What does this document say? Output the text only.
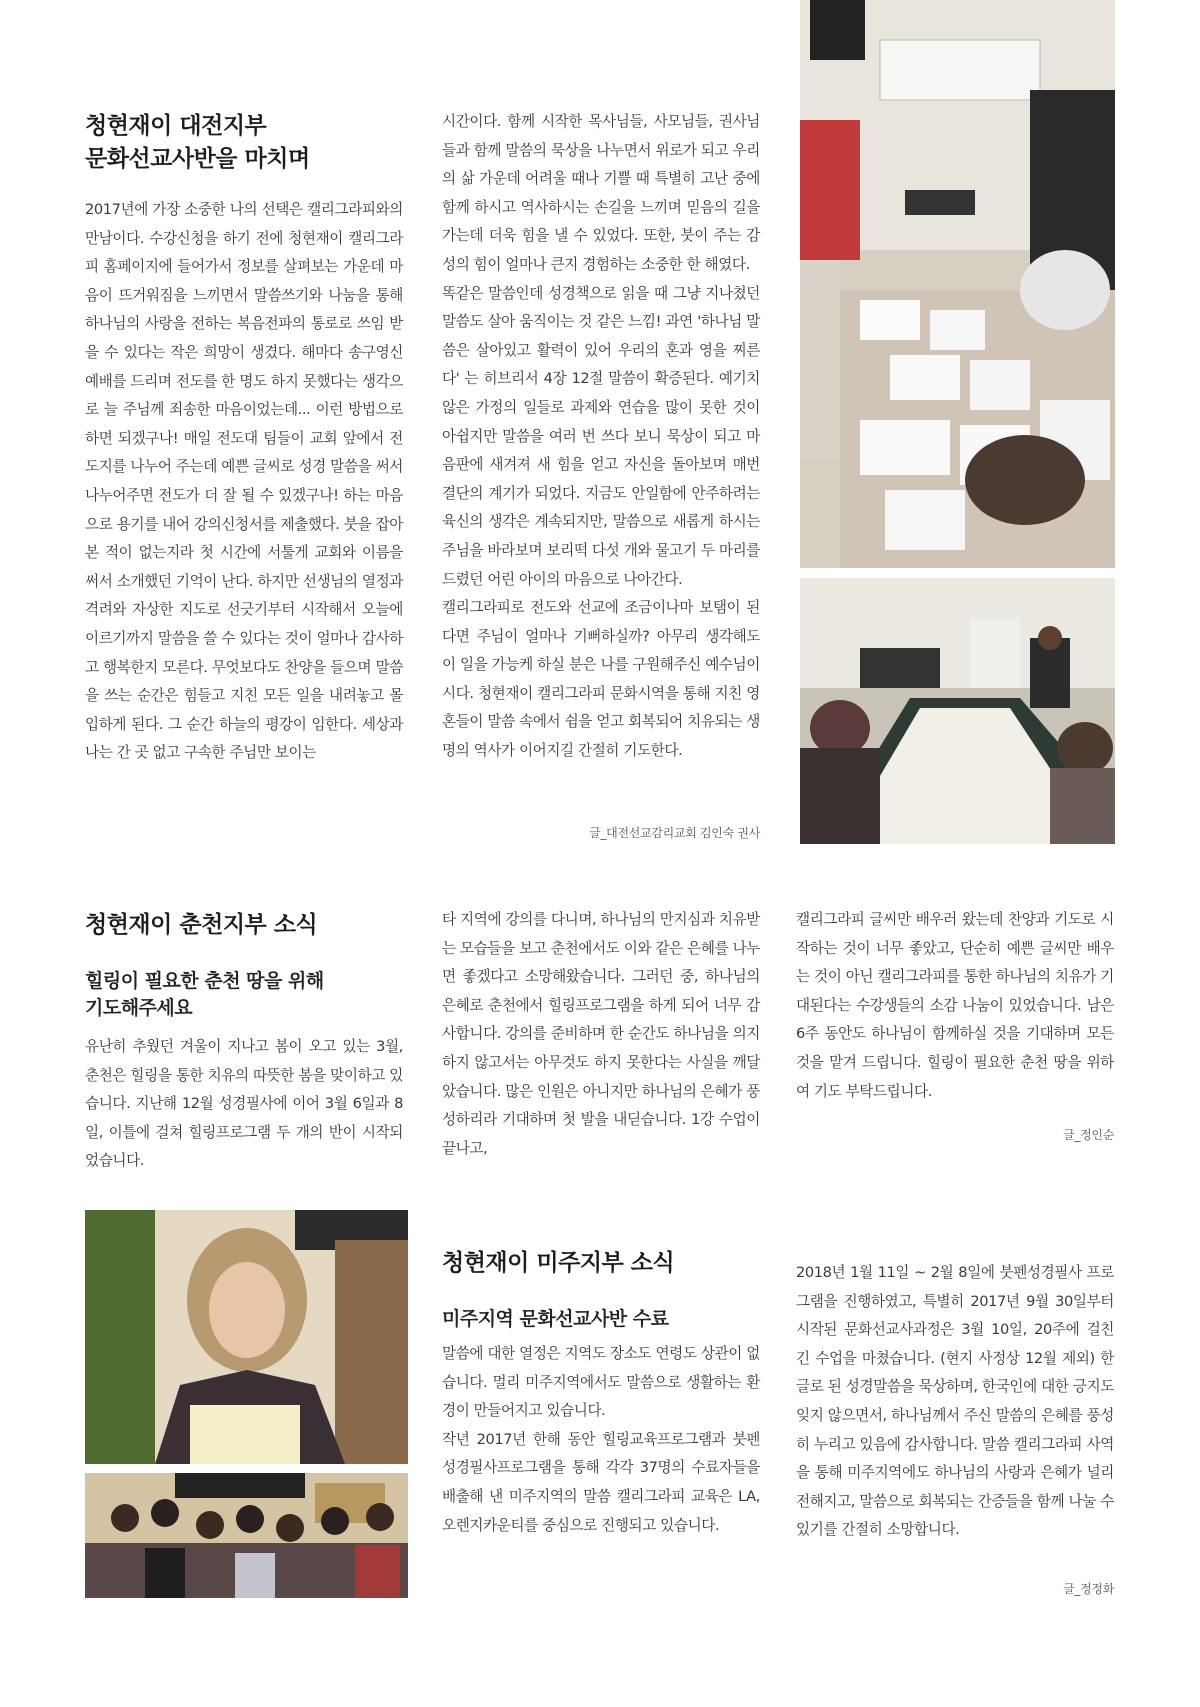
청현재이 대전지부
문화선교사반을 마치며

2017년에 가장 소중한 나의 선택은 캘리그라피와의 만남이다. 수강신청을 하기 전에 청현재이 캘리그라피 홈페이지에 들어가서 정보를 살펴보는 가운데 마음이 뜨거워짐을 느끼면서 말씀쓰기와 나눔을 통해 하나님의 사랑을 전하는 복음전파의 통로로 쓰임 받을 수 있다는 작은 희망이 생겼다. 해마다 송구영신 예배를 드리며 전도를 한 명도 하지 못했다는 생각으로 늘 주님께 죄송한 마음이었는데... 이런 방법으로 하면 되겠구나! 매일 전도대 팀들이 교회 앞에서 전도지를 나누어 주는데 예쁜 글씨로 성경 말씀을 써서 나누어주면 전도가 더 잘 될 수 있겠구나! 하는 마음으로 용기를 내어 강의신청서를 제출했다. 붓을 잡아본 적이 없는지라 첫 시간에 서툴게 교회와 이름을 써서 소개했던 기억이 난다. 하지만 선생님의 열정과 격려와 자상한 지도로 선긋기부터 시작해서 오늘에 이르기까지 말씀을 쓸 수 있다는 것이 얼마나 감사하고 행복한지 모른다. 무엇보다도 찬양을 들으며 말씀을 쓰는 순간은 힘들고 지친 모든 일을 내려놓고 몰입하게 된다. 그 순간 하늘의 평강이 임한다. 세상과 나는 간 곳 없고 구속한 주님만 보이는

시간이다. 함께 시작한 목사님들, 사모님들, 권사님들과 함께 말씀의 묵상을 나누면서 위로가 되고 우리의 삶 가운데 어려울 때나 기쁠 때 특별히 고난 중에 함께 하시고 역사하시는 손길을 느끼며 믿음의 길을 가는데 더욱 힘을 낼 수 있었다. 또한, 붓이 주는 감성의 힘이 얼마나 큰지 경험하는 소중한 한 해였다.

똑같은 말씀인데 성경책으로 읽을 때 그냥 지나쳤던 말씀도 살아 움직이는 것 같은 느낌! 과연 '하나님 말씀은 살아있고 활력이 있어 우리의 혼과 영을 찌른다' 는 히브리서 4장 12절 말씀이 확증된다. 예기치 않은 가정의 일들로 과제와 연습을 많이 못한 것이 아쉽지만 말씀을 여러 번 쓰다 보니 묵상이 되고 마음판에 새겨져 새 힘을 얻고 자신을 돌아보며 매번 결단의 계기가 되었다. 지금도 안일함에 안주하려는 육신의 생각은 계속되지만, 말씀으로 새롭게 하시는 주님을 바라보며 보리떡 다섯 개와 물고기 두 마리를 드렸던 어린 아이의 마음으로 나아간다.

캘리그라피로 전도와 선교에 조금이나마 보탬이 된다면 주님이 얼마나 기뻐하실까? 아무리 생각해도 이 일을 가능케 하실 분은 나를 구원해주신 예수님이시다. 청현재이 캘리그라피 문화시역을 통해 지친 영혼들이 말씀 속에서 쉼을 얻고 회복되어 치유되는 생명의 역사가 이어지길 간절히 기도한다.

글_대전선교감리교회 김인숙 권사
청현재이 춘천지부 소식
힐링이 필요한 춘천 땅을 위해
기도해주세요

유난히 추웠던 겨울이 지나고 봄이 오고 있는 3월, 춘천은 힐링을 통한 치유의 따뜻한 봄을 맞이하고 있습니다. 지난해 12월 성경필사에 이어 3월 6일과 8일, 이틀에 걸쳐 힐링프로그램 두 개의 반이 시작되었습니다.

타 지역에 강의를 다니며, 하나님의 만지심과 치유받는 모습들을 보고 춘천에서도 이와 같은 은혜를 나누면 좋겠다고 소망해왔습니다. 그러던 중, 하나님의 은혜로 춘천에서 힐링프로그램을 하게 되어 너무 감사합니다. 강의를 준비하며 한 순간도 하나님을 의지하지 않고서는 아무것도 하지 못한다는 사실을 깨달았습니다. 많은 인원은 아니지만 하나님의 은혜가 풍성하리라 기대하며 첫 발을 내딛습니다. 1강 수업이 끝나고,

캘리그라피 글씨만 배우러 왔는데 찬양과 기도로 시작하는 것이 너무 좋았고, 단순히 예쁜 글씨만 배우는 것이 아닌 캘리그라피를 통한 하나님의 치유가 기대된다는 수강생들의 소감 나눔이 있었습니다. 남은 6주 동안도 하나님이 함께하실 것을 기대하며 모든 것을 맡겨 드립니다. 힐링이 필요한 춘천 땅을 위하여 기도 부탁드립니다.

글_정인순
청현재이 미주지부 소식
미주지역 문화선교사반 수료

말씀에 대한 열정은 지역도 장소도 연령도 상관이 없습니다. 멀리 미주지역에서도 말씀으로 생활하는 환경이 만들어지고 있습니다.

작년 2017년 한해 동안 힐링교육프로그램과 붓펜 성경필사프로그램을 통해 각각 37명의 수료자들을 배출해 낸 미주지역의 말씀 캘리그라피 교육은 LA, 오렌지카운티를 중심으로 진행되고 있습니다.

2018년 1월 11일 ~ 2월 8일에 붓펜성경필사 프로그램을 진행하였고, 특별히 2017년 9월 30일부터 시작된 문화선교사과정은 3월 10일, 20주에 걸친 긴 수업을 마쳤습니다. (현지 사정상 12월 제외) 한글로 된 성경말씀을 묵상하며, 한국인에 대한 긍지도 잊지 않으면서, 하나님께서 주신 말씀의 은혜를 풍성히 누리고 있음에 감사합니다. 말씀 캘리그라피 사역을 통해 미주지역에도 하나님의 사랑과 은혜가 널리 전해지고, 말씀으로 회복되는 간증들을 함께 나눌 수 있기를 간절히 소망합니다.

글_정정화
